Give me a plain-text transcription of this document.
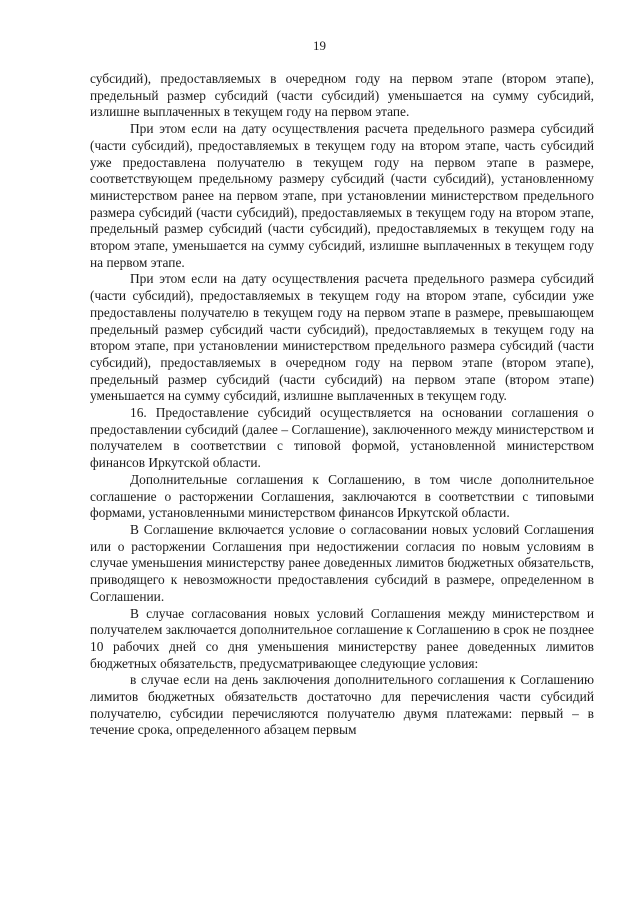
19

субсидий), предоставляемых в очередном году на первом этапе (втором этапе), предельный размер субсидий (части субсидий) уменьшается на сумму субсидий, излишне выплаченных в текущем году на первом этапе.

При этом если на дату осуществления расчета предельного размера субсидий (части субсидий), предоставляемых в текущем году на втором этапе, часть субсидий уже предоставлена получателю в текущем году на первом этапе в размере, соответствующем предельному размеру субсидий (части субсидий), установленному министерством ранее на первом этапе, при установлении министерством предельного размера субсидий (части субсидий), предоставляемых в текущем году на втором этапе, предельный размер субсидий (части субсидий), предоставляемых в текущем году на втором этапе, уменьшается на сумму субсидий, излишне выплаченных в текущем году на первом этапе.

При этом если на дату осуществления расчета предельного размера субсидий (части субсидий), предоставляемых в текущем году на втором этапе, субсидии уже предоставлены получателю в текущем году на первом этапе в размере, превышающем предельный размер субсидий части субсидий), предоставляемых в текущем году на втором этапе, при установлении министерством предельного размера субсидий (части субсидий), предоставляемых в очередном году на первом этапе (втором этапе), предельный размер субсидий (части субсидий) на первом этапе (втором этапе) уменьшается на сумму субсидий, излишне выплаченных в текущем году.

16. Предоставление субсидий осуществляется на основании соглашения о предоставлении субсидий (далее – Соглашение), заключенного между министерством и получателем в соответствии с типовой формой, установленной министерством финансов Иркутской области.

Дополнительные соглашения к Соглашению, в том числе дополнительное соглашение о расторжении Соглашения, заключаются в соответствии с типовыми формами, установленными министерством финансов Иркутской области.

В Соглашение включается условие о согласовании новых условий Соглашения или о расторжении Соглашения при недостижении согласия по новым условиям в случае уменьшения министерству ранее доведенных лимитов бюджетных обязательств, приводящего к невозможности предоставления субсидий в размере, определенном в Соглашении.

В случае согласования новых условий Соглашения между министерством и получателем заключается дополнительное соглашение к Соглашению в срок не позднее 10 рабочих дней со дня уменьшения министерству ранее доведенных лимитов бюджетных обязательств, предусматривающее следующие условия:

в случае если на день заключения дополнительного соглашения к Соглашению лимитов бюджетных обязательств достаточно для перечисления части субсидий получателю, субсидии перечисляются получателю двумя платежами: первый – в течение срока, определенного абзацем первым
